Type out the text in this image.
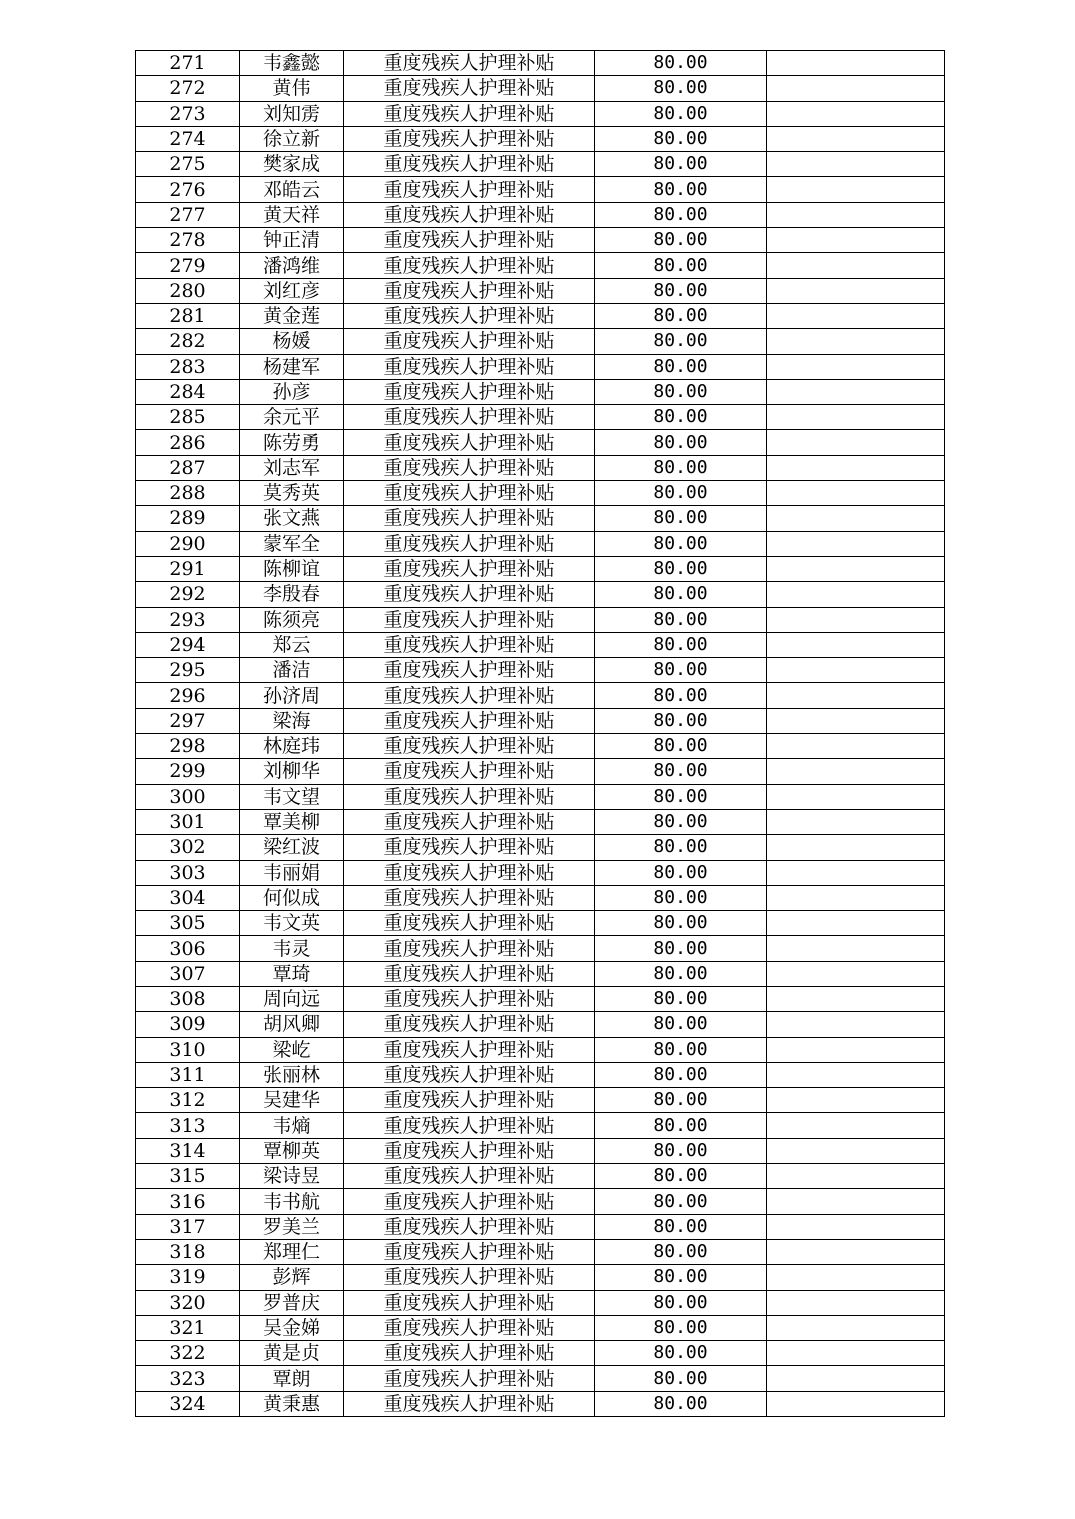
271	韦鑫懿	重度残疾人护理补贴	80.00	
272	黄伟	重度残疾人护理补贴	80.00	
273	刘知雳	重度残疾人护理补贴	80.00	
274	徐立新	重度残疾人护理补贴	80.00	
275	樊家成	重度残疾人护理补贴	80.00	
276	邓皓云	重度残疾人护理补贴	80.00	
277	黄天祥	重度残疾人护理补贴	80.00	
278	钟正清	重度残疾人护理补贴	80.00	
279	潘鸿维	重度残疾人护理补贴	80.00	
280	刘红彦	重度残疾人护理补贴	80.00	
281	黄金莲	重度残疾人护理补贴	80.00	
282	杨媛	重度残疾人护理补贴	80.00	
283	杨建军	重度残疾人护理补贴	80.00	
284	孙彦	重度残疾人护理补贴	80.00	
285	余元平	重度残疾人护理补贴	80.00	
286	陈劳勇	重度残疾人护理补贴	80.00	
287	刘志军	重度残疾人护理补贴	80.00	
288	莫秀英	重度残疾人护理补贴	80.00	
289	张文燕	重度残疾人护理补贴	80.00	
290	蒙军全	重度残疾人护理补贴	80.00	
291	陈柳谊	重度残疾人护理补贴	80.00	
292	李殷春	重度残疾人护理补贴	80.00	
293	陈须亮	重度残疾人护理补贴	80.00	
294	郑云	重度残疾人护理补贴	80.00	
295	潘洁	重度残疾人护理补贴	80.00	
296	孙济周	重度残疾人护理补贴	80.00	
297	梁海	重度残疾人护理补贴	80.00	
298	林庭玮	重度残疾人护理补贴	80.00	
299	刘柳华	重度残疾人护理补贴	80.00	
300	韦文望	重度残疾人护理补贴	80.00	
301	覃美柳	重度残疾人护理补贴	80.00	
302	梁红波	重度残疾人护理补贴	80.00	
303	韦丽娟	重度残疾人护理补贴	80.00	
304	何似成	重度残疾人护理补贴	80.00	
305	韦文英	重度残疾人护理补贴	80.00	
306	韦灵	重度残疾人护理补贴	80.00	
307	覃琦	重度残疾人护理补贴	80.00	
308	周向远	重度残疾人护理补贴	80.00	
309	胡风卿	重度残疾人护理补贴	80.00	
310	梁屹	重度残疾人护理补贴	80.00	
311	张丽林	重度残疾人护理补贴	80.00	
312	吴建华	重度残疾人护理补贴	80.00	
313	韦熵	重度残疾人护理补贴	80.00	
314	覃柳英	重度残疾人护理补贴	80.00	
315	梁诗昱	重度残疾人护理补贴	80.00	
316	韦书航	重度残疾人护理补贴	80.00	
317	罗美兰	重度残疾人护理补贴	80.00	
318	郑理仁	重度残疾人护理补贴	80.00	
319	彭辉	重度残疾人护理补贴	80.00	
320	罗普庆	重度残疾人护理补贴	80.00	
321	吴金娣	重度残疾人护理补贴	80.00	
322	黄是贞	重度残疾人护理补贴	80.00	
323	覃朗	重度残疾人护理补贴	80.00	
324	黄秉惠	重度残疾人护理补贴	80.00	
